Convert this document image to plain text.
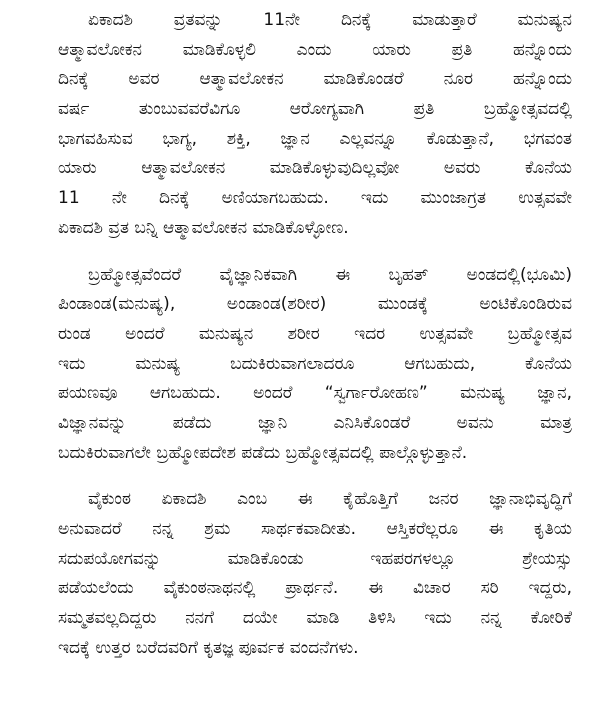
ಏಕಾದಶಿ ವ್ರತವನ್ನು 11ನೇ ದಿನಕ್ಕೆ ಮಾಡುತ್ತಾರೆ ಮನುಷ್ಯನ
ಆತ್ಮಾವಲೋಕನ ಮಾಡಿಕೊಳ್ಳಲಿ ಎಂದು ಯಾರು ಪ್ರತಿ ಹನ್ನೊಂದು
ದಿನಕ್ಕೆ ಅವರ ಆತ್ಮಾವಲೋಕನ ಮಾಡಿಕೊಂಡರೆ ನೂರ ಹನ್ನೊಂದು
ವರ್ಷ ತುಂಬುವವರೆವಿಗೂ ಆರೋಗ್ಯವಾಗಿ ಪ್ರತಿ ಬ್ರಹ್ಮೋತ್ಸವದಲ್ಲಿ
ಭಾಗವಹಿಸುವ ಭಾಗ್ಯ, ಶಕ್ತಿ, ಜ್ಞಾನ ಎಲ್ಲವನ್ನೂ ಕೊಡುತ್ತಾನೆ, ಭಗವಂತ
ಯಾರು ಆತ್ಮಾವಲೋಕನ ಮಾಡಿಕೊಳ್ಳುವುದಿಲ್ಲವೋ ಅವರು ಕೊನೆಯ
11 ನೇ ದಿನಕ್ಕೆ ಅಣಿಯಾಗಬಹುದು. ಇದು ಮುಂಜಾಗ್ರತ ಉತ್ಸವವೇ
ಏಕಾದಶಿ ವ್ರತ ಬನ್ನಿ ಆತ್ಮಾವಲೋಕನ ಮಾಡಿಕೊಳ್ಳೋಣ.
ಬ್ರಹ್ಮೋತ್ಸವೆಂದರೆ ವೈಜ್ಞಾನಿಕವಾಗಿ ಈ ಬೃಹತ್ ಅಂಡದಲ್ಲಿ(ಭೂಮಿ)
ಪಿಂಡಾಂಡ(ಮನುಷ್ಯ), ಅಂಡಾಂಡ(ಶರೀರ) ಮುಂಡಕ್ಕೆ ಅಂಟಿಕೊಂಡಿರುವ
ರುಂಡ ಅಂದರೆ ಮನುಷ್ಯನ ಶರೀರ ಇದರ ಉತ್ಸವವೇ ಬ್ರಹ್ಮೋತ್ಸವ
ಇದು ಮನುಷ್ಯ ಬದುಕಿರುವಾಗಲಾದರೂ ಆಗಬಹುದು, ಕೊನೆಯ
ಪಯಣವೂ ಆಗಬಹುದು. ಅಂದರೆ “ಸ್ವರ್ಗಾರೋಹಣ” ಮನುಷ್ಯ ಜ್ಞಾನ,
ವಿಜ್ಞಾನವನ್ನು ಪಡೆದು ಜ್ಞಾನಿ ಎನಿಸಿಕೊಂಡರೆ ಅವನು ಮಾತ್ರ
ಬದುಕಿರುವಾಗಲೇ ಬ್ರಹ್ಮೋಪದೇಶ ಪಡೆದು ಬ್ರಹ್ಮೋತ್ಸವದಲ್ಲಿ ಪಾಲ್ಗೊಳ್ಳುತ್ತಾನೆ.
ವೈಕುಂಠ ಏಕಾದಶಿ ಎಂಬ ಈ ಕೈಹೊತ್ತಿಗೆ ಜನರ ಜ್ಞಾನಾಭಿವೃದ್ಧಿಗೆ
ಅನುವಾದರೆ ನನ್ನ ಶ್ರಮ ಸಾರ್ಥಕವಾದೀತು. ಆಸ್ತಿಕರೆಲ್ಲರೂ ಈ ಕೃತಿಯ
ಸದುಪಯೋಗವನ್ನು ಮಾಡಿಕೊಂಡು ಇಹಪರಗಳಲ್ಲೂ ಶ್ರೇಯಸ್ಸು
ಪಡೆಯಲೆಂದು ವೈಕುಂಠನಾಥನಲ್ಲಿ ಪ್ರಾರ್ಥನೆ. ಈ ವಿಚಾರ ಸರಿ ಇದ್ದರು,
ಸಮ್ಮತವಲ್ಲದಿದ್ದರು ನನಗೆ ದಯೇ ಮಾಡಿ ತಿಳಿಸಿ ಇದು ನನ್ನ ಕೋರಿಕೆ
ಇದಕ್ಕೆ ಉತ್ತರ ಬರೆದವರಿಗೆ ಕೃತಜ್ಞ ಪೂರ್ವಕ ವಂದನೆಗಳು.
